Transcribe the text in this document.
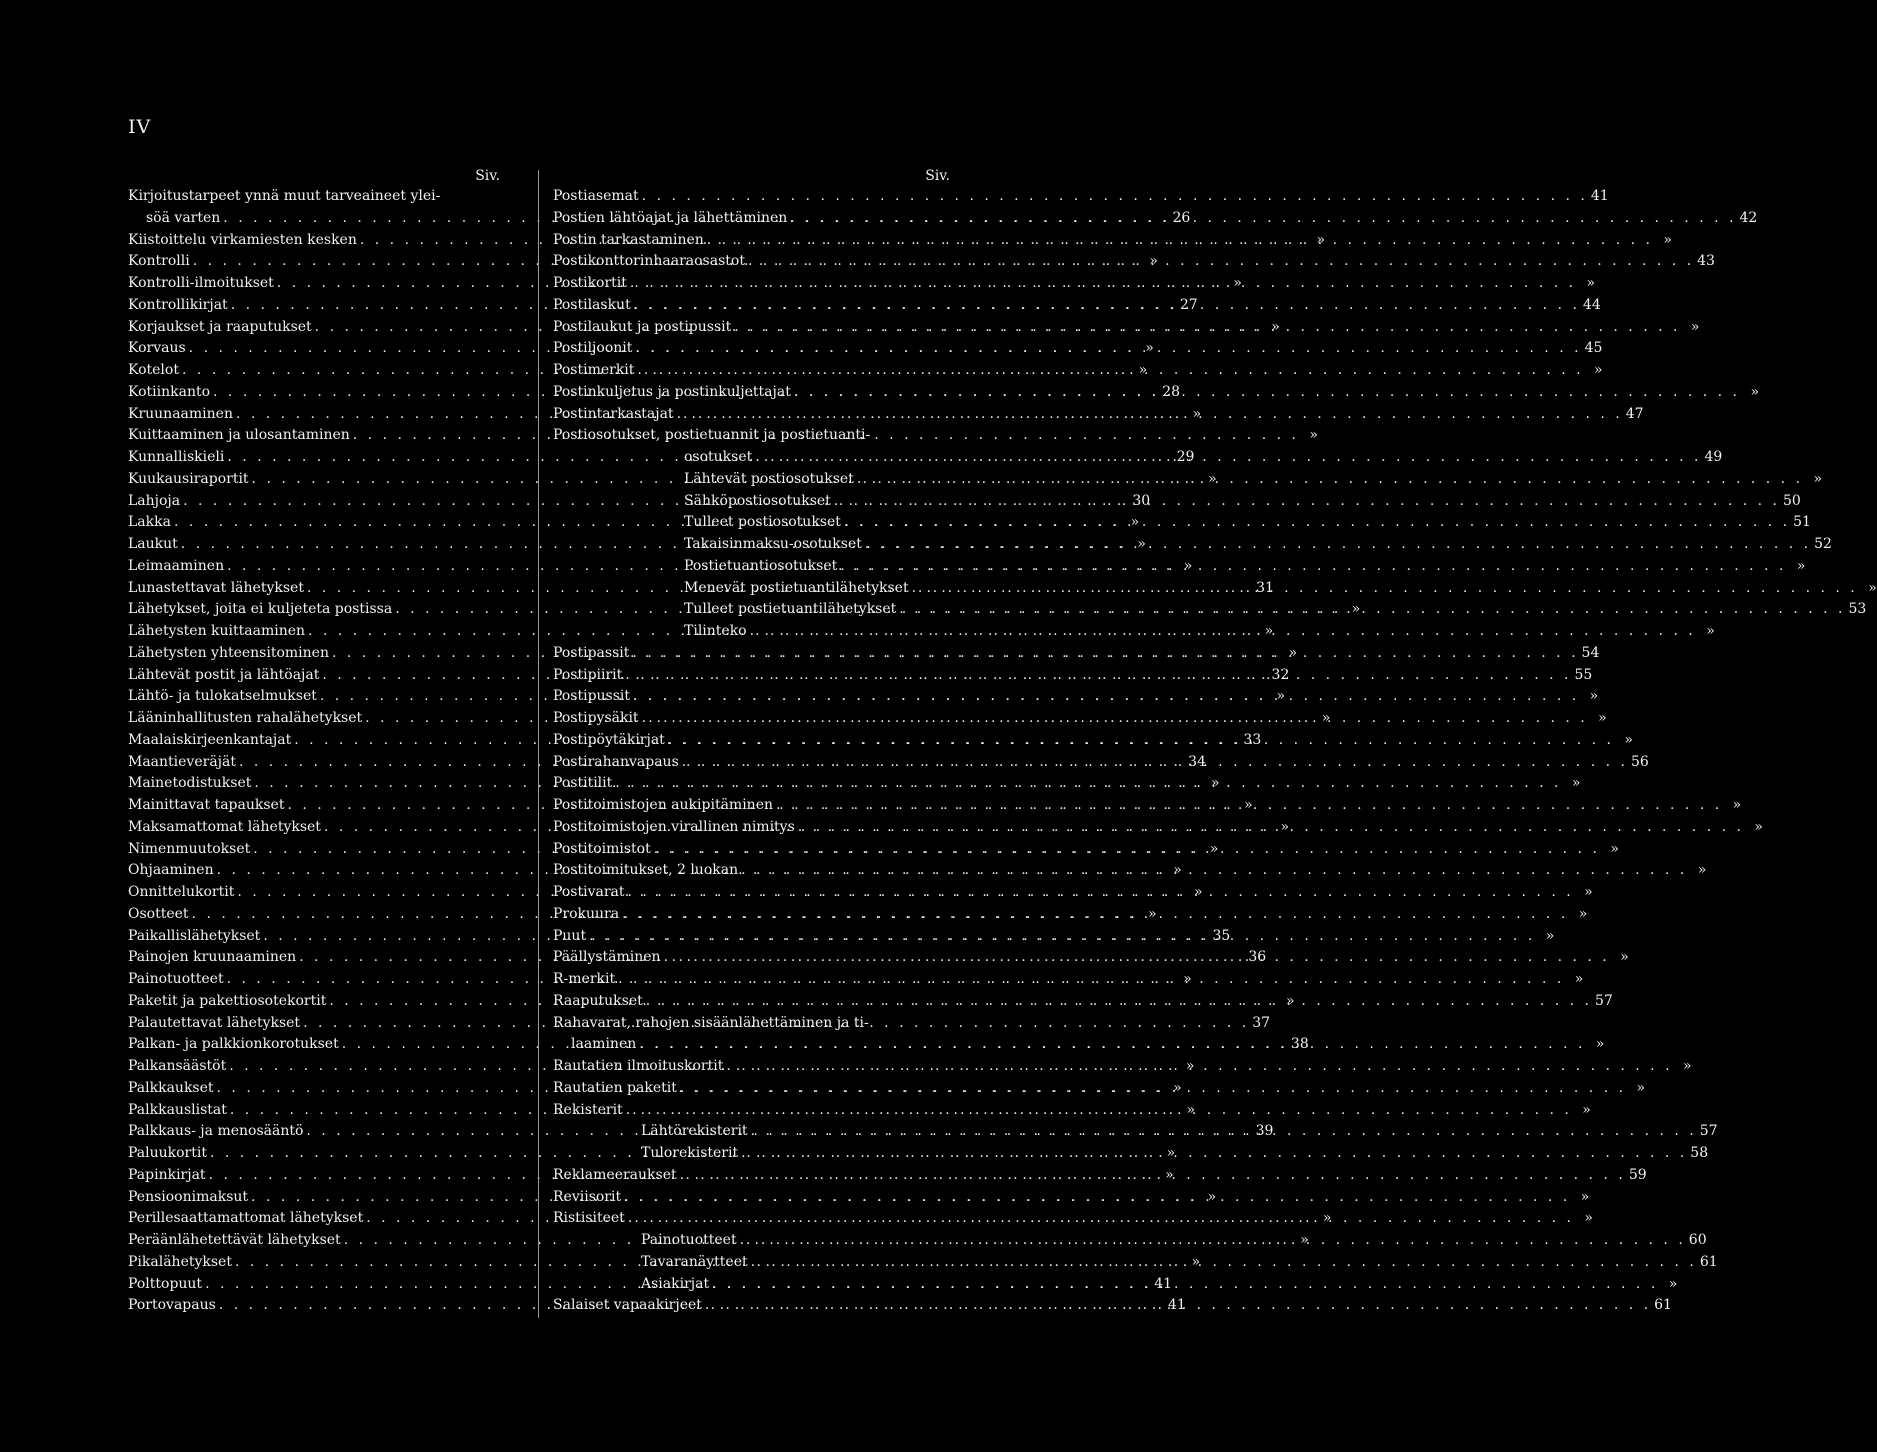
IV
Siv.
Kirjoitustarpeet ynnä muut tarveaineet ylei-
söä varten . . .	26
Kiistoittelu virkamiesten kesken . . .	»
Kontrolli . . .	»
Kontrolli-ilmoitukset . . .	»
Kontrollikirjat . . .	27
Korjaukset ja raaputukset . . .	»
Korvaus . . .	»
Kotelot . . .	»
Kotiinkanto . . .	28
Kruunaaminen . . .	»
Kuittaaminen ja ulosantaminen . . .	»
Kunnalliskieli . . .	29
Kuukausiraportit . . .	»
Lahjoja . . .	30
Lakka . . .	»
Laukut . . .	»
Leimaaminen . . .	»
Lunastettavat lähetykset . . .	31
Lähetykset, joita ei kuljeteta postissa . . .	»
Lähetysten kuittaaminen . . .	»
Lähetysten yhteensitominen . . .	»
Lähtevät postit ja lähtöajat . . .	32
Lähtö- ja tulokatselmukset . . .	»
Lääninhallitusten rahalähetykset . . .	»
Maalaiskirjeenkantajat . . .	33
Maantieveräjät . . .	34
Mainetodistukset . . .	»
Mainittavat tapaukset . . .	»
Maksamattomat lähetykset . . .	»
Nimenmuutokset . . .	»
Ohjaaminen . . .	»
Onnittelukortit . . .	»
Osotteet . . .	»
Paikallislähetykset . . .	35
Painojen kruunaaminen . . .	36
Painotuotteet . . .	»
Paketit ja pakettiosotekortit . . .	»
Palautettavat lähetykset . . .	37
Palkan- ja palkkionkorotukset . . .	38
Palkansäästöt . . .	»
Palkkaukset . . .	»
Palkkauslistat . . .	»
Palkkaus- ja menosääntö . . .	39
Paluukortit . . .	»
Papinkirjat . . .	»
Pensioonimaksut . . .	»
Perillesaattamattomat lähetykset . . .	»
Peräänlähetettävät lähetykset . . .	»
Pikalähetykset . . .	»
Polttopuut . . .	41
Portovapaus . . .	41
Siv.
Postiasemat . . .	41
Postien lähtöajat ja lähettäminen . . .	42
Postin tarkastaminen . . .	»
Postikonttorinhaaraosastot . . .	43
Postikortit . . .	»
Postilaskut . . .	44
Postilaukut ja postipussit . . .	»
Postiljoonit . . .	45
Postimerkit . . .	»
Postinkuljetus ja postinkuljettajat . . .	»
Postintarkastajat . . .	47
Postiosotukset, postietuannit ja postietuanti-
osotukset . . .	49
Lähtevät postiosotukset . . .	»
Sähköpostiosotukset . . .	50
Tulleet postiosotukset . . .	51
Takaisinmaksu-osotukset . . .	52
Postietuantiosotukset . . .	»
Menevät postietuantilähetykset . . .	»
Tulleet postietuantilähetykset . . .	53
Tilinteko . . .	»
Postipassit . . .	54
Postipiirit . . .	55
Postipussit . . .	»
Postipysäkit . . .	»
Postipöytäkirjat . . .	»
Postirahanvapaus . . .	56
Postitilit . . .	»
Postitoimistojen aukipitäminen . . .	»
Postitoimistojen virallinen nimitys . . .	»
Postitoimistot . . .	»
Postitoimitukset, 2 luokan . . .	»
Postivarat . . .	»
Prokuura . . .	»
Puut . . .	»
Päällystäminen . . .	»
R-merkit . . .	»
Raaputukset . . .	57
Rahavarat, rahojen sisäänlähettäminen ja ti-
laaminen . . .	»
Rautatien ilmoituskortit . . .	»
Rautatien paketit . . .	»
Rekisterit . . .	»
Lähtörekisterit . . .	57
Tulorekisterit . . .	58
Reklameeraukset . . .	59
Reviisorit . . .	»
Ristisiteet . . .	»
Painotuotteet . . .	60
Tavaranäytteet . . .	61
Asiakirjat . . .	»
Salaiset vapaakirjeet . . .	61
